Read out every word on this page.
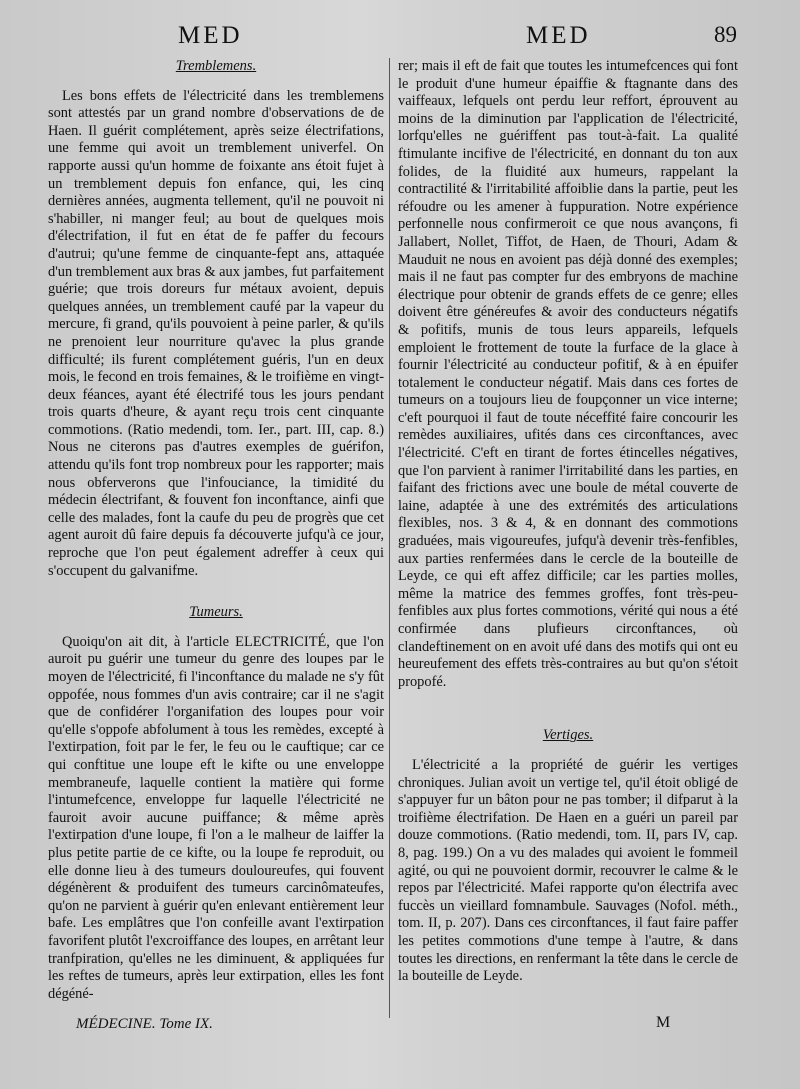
MED	MED	89
Tremblemens.

Les bons effets de l'électricité dans les tremblemens sont attestés par un grand nombre d'observations de de Haen. Il guérit complétement, après seize électrifations, une femme qui avoit un tremblement univerfel. On rapporte aussi qu'un homme de foixante ans étoit fujet à un tremblement depuis fon enfance, qui, les cinq dernières années, augmenta tellement, qu'il ne pouvoit ni s'habiller, ni manger feul; au bout de quelques mois d'électrifation, il fut en état de fe paffer du fecours d'autrui; qu'une femme de cinquante-fept ans, attaquée d'un tremblement aux bras & aux jambes, fut parfaitement guérie; que trois doreurs fur métaux avoient, depuis quelques années, un tremblement caufé par la vapeur du mercure, fi grand, qu'ils pouvoient à peine parler, & qu'ils ne prenoient leur nourriture qu'avec la plus grande difficulté; ils furent complétement guéris, l'un en deux mois, le fecond en trois femaines, & le troifième en vingt-deux féances, ayant été électrifé tous les jours pendant trois quarts d'heure, & ayant reçu trois cent cinquante commotions. (Ratio medendi, tom. Ier., part. III, cap. 8.) Nous ne citerons pas d'autres exemples de guérifon, attendu qu'ils font trop nombreux pour les rapporter; mais nous obferverons que l'infouciance, la timidité du médecin électrifant, & fouvent fon inconftance, ainfi que celle des malades, font la caufe du peu de progrès que cet agent auroit dû faire depuis fa découverte jufqu'à ce jour, reproche que l'on peut également adreffer à ceux qui s'occupent du galvanifme.

Tumeurs.

Quoiqu'on ait dit, à l'article ELECTRICITÉ, que l'on auroit pu guérir une tumeur du genre des loupes par le moyen de l'électricité, fi l'inconftance du malade ne s'y fût oppofée, nous fommes d'un avis contraire; car il ne s'agit que de confidérer l'organifation des loupes pour voir qu'elle s'oppofe abfolument à tous les remèdes, excepté à l'extirpation, foit par le fer, le feu ou le cauftique; car ce qui conftitue une loupe eft le kifte ou une enveloppe membraneufe, laquelle contient la matière qui forme l'intumefcence, enveloppe fur laquelle l'électricité ne fauroit avoir aucune puiffance; & même après l'extirpation d'une loupe, fi l'on a le malheur de laiffer la plus petite partie de ce kifte, ou la loupe fe reproduit, ou elle donne lieu à des tumeurs douloureufes, qui fouvent dégénèrent & produifent des tumeurs carcinômateufes, qu'on ne parvient à guérir qu'en enlevant entièrement leur bafe. Les emplâtres que l'on confeille avant l'extirpation favorifent plutôt l'excroiffance des loupes, en arrêtant leur tranfpiration, qu'elles ne les diminuent, & appliquées fur les reftes de tumeurs, après leur extirpation, elles les font dégéné-

rer; mais il eft de fait que toutes les intumefcences qui font le produit d'une humeur épaiffie & ftagnante dans des vaiffeaux, lefquels ont perdu leur reffort, éprouvent au moins de la diminution par l'application de l'électricité, lorfqu'elles ne guériffent pas tout-à-fait. La qualité ftimulante incifive de l'électricité, en donnant du ton aux folides, de la fluidité aux humeurs, rappelant la contractilité & l'irritabilité affoiblie dans la partie, peut les réfoudre ou les amener à fuppuration. Notre expérience perfonnelle nous confirmeroit ce que nous avançons, fi Jallabert, Nollet, Tiffot, de Haen, de Thouri, Adam & Mauduit ne nous en avoient pas déjà donné des exemples; mais il ne faut pas compter fur des embryons de machine électrique pour obtenir de grands effets de ce genre; elles doivent être généreufes & avoir des conducteurs négatifs & pofitifs, munis de tous leurs appareils, lefquels emploient le frottement de toute la furface de la glace à fournir l'électricité au conducteur pofitif, & à en épuifer totalement le conducteur négatif. Mais dans ces fortes de tumeurs on a toujours lieu de foupçonner un vice interne; c'eft pourquoi il faut de toute néceffité faire concourir les remèdes auxiliaires, ufités dans ces circonftances, avec l'électricité. C'eft en tirant de fortes étincelles négatives, que l'on parvient à ranimer l'irritabilité dans les parties, en faifant des frictions avec une boule de métal couverte de laine, adaptée à une des extrémités des articulations flexibles, nos. 3 & 4, & en donnant des commotions graduées, mais vigoureufes, jufqu'à devenir très-fenfibles, aux parties renfermées dans le cercle de la bouteille de Leyde, ce qui eft affez difficile; car les parties molles, même la matrice des femmes groffes, font très-peu-fenfibles aux plus fortes commotions, vérité qui nous a été confirmée dans plufieurs circonftances, où clandeftinement on en avoit ufé dans des motifs qui ont eu heureufement des effets très-contraires au but qu'on s'étoit propofé.

Vertiges.

L'électricité a la propriété de guérir les vertiges chroniques. Julian avoit un vertige tel, qu'il étoit obligé de s'appuyer fur un bâton pour ne pas tomber; il difparut à la troifième électrifation. De Haen en a guéri un pareil par douze commotions. (Ratio medendi, tom. II, pars IV, cap. 8, pag. 199.) On a vu des malades qui avoient le fommeil agité, ou qui ne pouvoient dormir, recouvrer le calme & le repos par l'électricité. Mafei rapporte qu'on électrifa avec fuccès un vieillard fomnambule. Sauvages (Nofol. méth., tom. II, p. 207). Dans ces circonftances, il faut faire paffer les petites commotions d'une tempe à l'autre, & dans toutes les directions, en renfermant la tête dans le cercle de la bouteille de Leyde.

MÉDECINE. Tome IX.	M
